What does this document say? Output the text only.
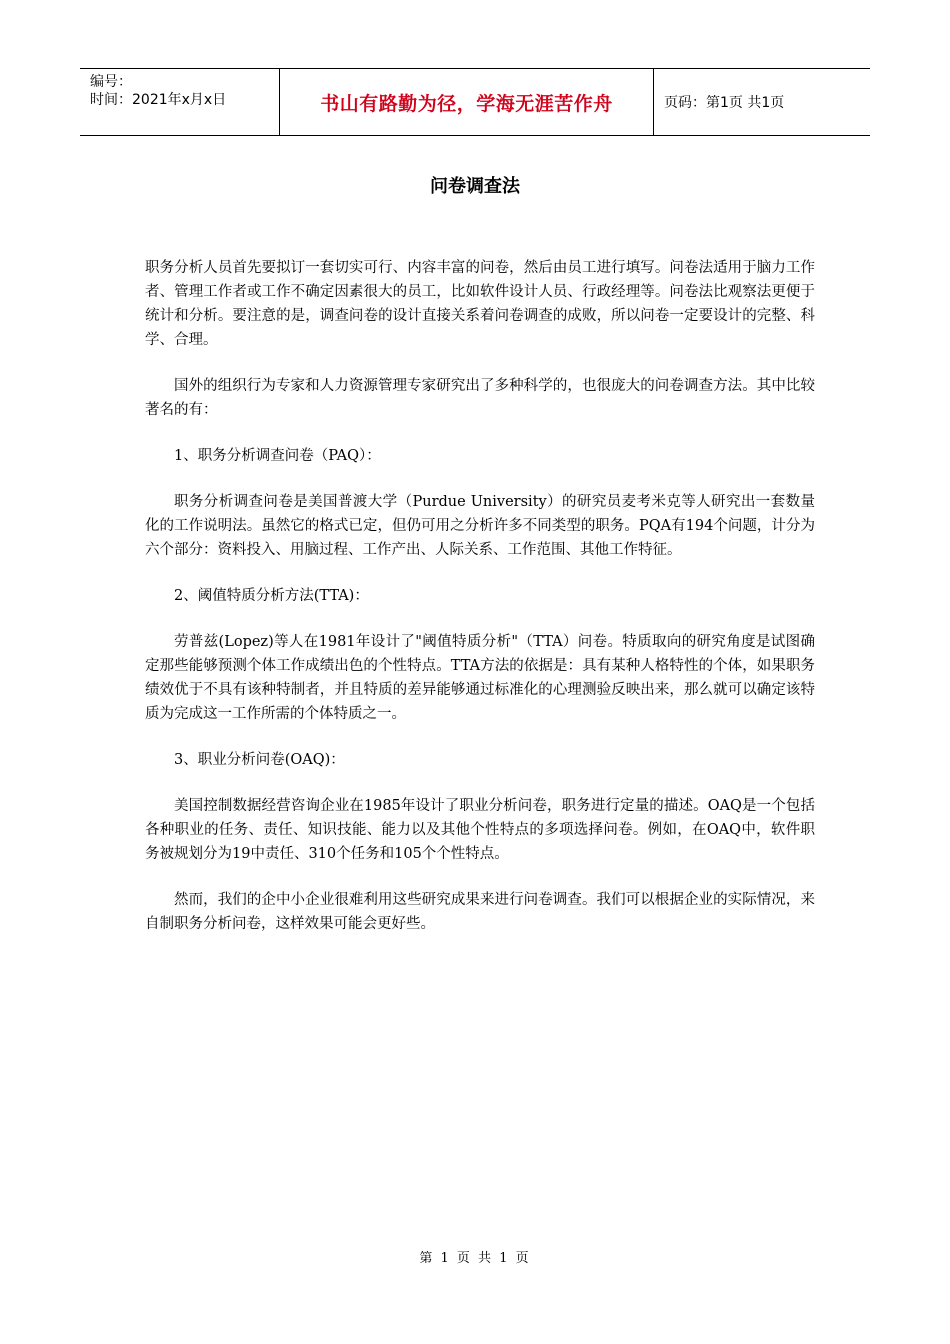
编号：
时间：2021年x月x日	书山有路勤为径，学海无涯苦作舟	页码：第1页 共1页
问卷调查法

职务分析人员首先要拟订一套切实可行、内容丰富的问卷，然后由员工进行填写。问卷法适用于脑力工作者、管理工作者或工作不确定因素很大的员工，比如软件设计人员、行政经理等。问卷法比观察法更便于统计和分析。要注意的是，调查问卷的设计直接关系着问卷调查的成败，所以问卷一定要设计的完整、科学、合理。

国外的组织行为专家和人力资源管理专家研究出了多种科学的，也很庞大的问卷调查方法。其中比较著名的有：

1、职务分析调查问卷（PAQ）：

职务分析调查问卷是美国普渡大学（Purdue University）的研究员麦考米克等人研究出一套数量化的工作说明法。虽然它的格式已定，但仍可用之分析许多不同类型的职务。PQA有194个问题，计分为六个部分：资料投入、用脑过程、工作产出、人际关系、工作范围、其他工作特征。

2、阈值特质分析方法(TTA)：

劳普兹(Lopez)等人在1981年设计了"阈值特质分析"（TTA）问卷。特质取向的研究角度是试图确定那些能够预测个体工作成绩出色的个性特点。TTA方法的依据是：具有某种人格特性的个体，如果职务绩效优于不具有该种特制者，并且特质的差异能够通过标准化的心理测验反映出来，那么就可以确定该特质为完成这一工作所需的个体特质之一。

3、职业分析问卷(OAQ)：

美国控制数据经营咨询企业在1985年设计了职业分析问卷，职务进行定量的描述。OAQ是一个包括各种职业的任务、责任、知识技能、能力以及其他个性特点的多项选择问卷。例如，在OAQ中，软件职务被规划分为19中责任、310个任务和105个个性特点。

然而，我们的企中小企业很难利用这些研究成果来进行问卷调查。我们可以根据企业的实际情况，来自制职务分析问卷，这样效果可能会更好些。

第 1 页 共 1 页
